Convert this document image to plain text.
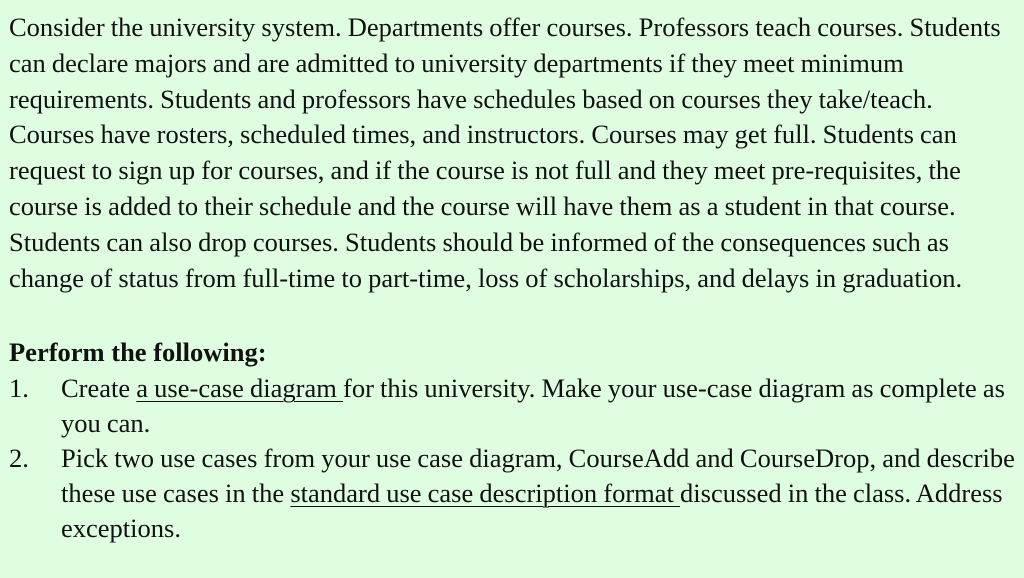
Consider the university system. Departments offer courses. Professors teach courses. Students can declare majors and are admitted to university departments if they meet minimum requirements. Students and professors have schedules based on courses they take/teach. Courses have rosters, scheduled times, and instructors. Courses may get full. Students can request to sign up for courses, and if the course is not full and they meet pre-requisites, the course is added to their schedule and the course will have them as a student in that course. Students can also drop courses. Students should be informed of the consequences such as change of status from full-time to part-time, loss of scholarships, and delays in graduation.

Perform the following:
1. Create a use-case diagram for this university. Make your use-case diagram as complete as you can.
2. Pick two use cases from your use case diagram, CourseAdd and CourseDrop, and describe these use cases in the standard use case description format discussed in the class. Address exceptions.
